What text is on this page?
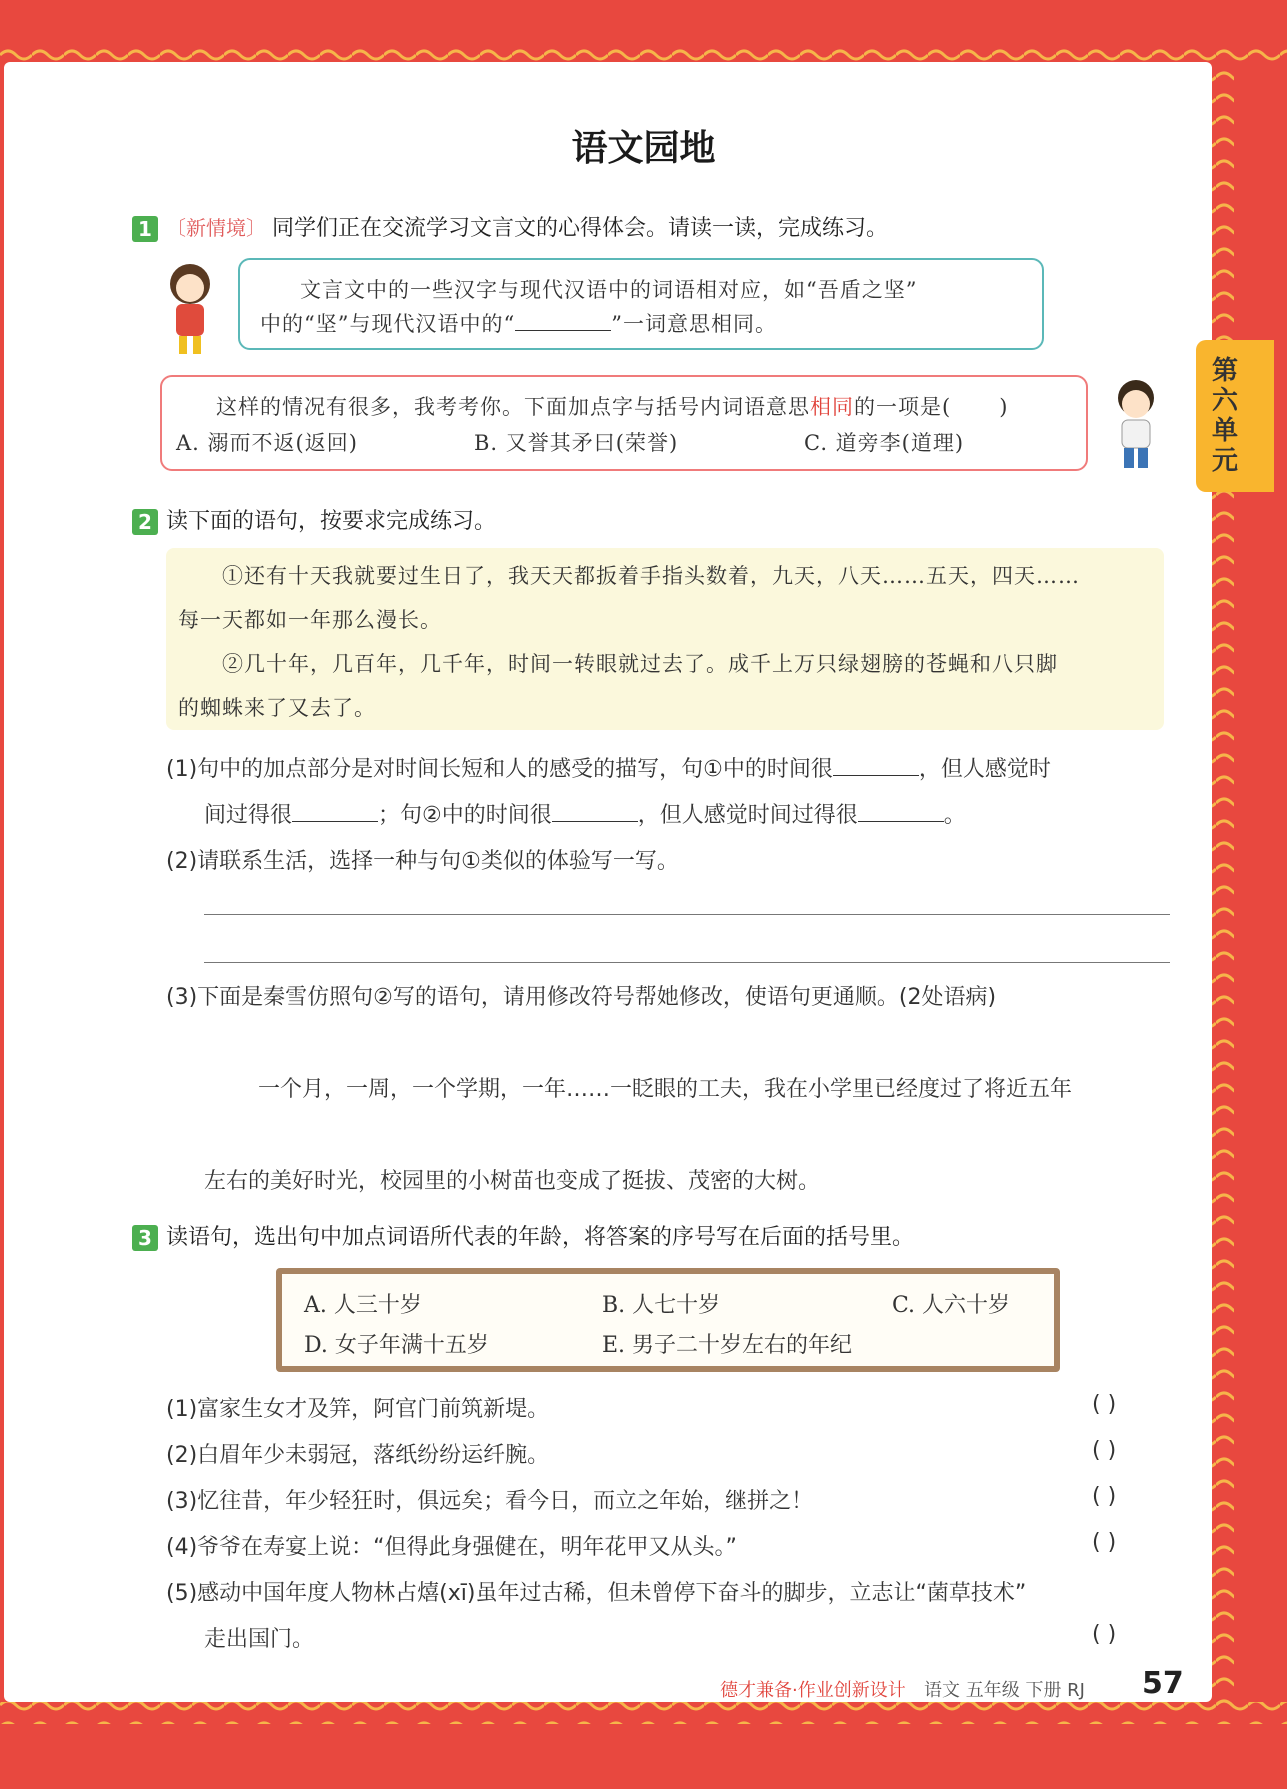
第六单元
语文园地
1 〔新情境〕 同学们正在交流学习文言文的心得体会。请读一读，完成练习。
文言文中的一些汉字与现代汉语中的词语相对应，如“吾盾之坚”
中的“坚”与现代汉语中的“	”一词意思相同。
这样的情况有很多，我考考你。下面加点字与括号内词语意思相同的一项是( )
A. 溺而不返(返回)	B. 又誉其矛曰(荣誉)	C. 道旁李(道理)
2 读下面的语句，按要求完成练习。
①还有十天我就要过生日了，我天天都扳着手指头数着，九天，八天……五天，四天……
每一天都如一年那么漫长。
②几十年，几百年，几千年，时间一转眼就过去了。成千上万只绿翅膀的苍蝇和八只脚
的蜘蛛来了又去了。
(1)句中的加点部分是对时间长短和人的感受的描写，句①中的时间很	，但人感觉时
间过得很	；句②中的时间很	，但人感觉时间过得很	。
(2)请联系生活，选择一种与句①类似的体验写一写。
(3)下面是秦雪仿照句②写的语句，请用修改符号帮她修改，使语句更通顺。(2处语病)
一个月，一周，一个学期，一年……一眨眼的工夫，我在小学里已经度过了将近五年
左右的美好时光，校园里的小树苗也变成了挺拔、茂密的大树。
3 读语句，选出句中加点词语所代表的年龄，将答案的序号写在后面的括号里。
A. 人三十岁	B. 人七十岁	C. 人六十岁
D. 女子年满十五岁	E. 男子二十岁左右的年纪
(1)富家生女才及笄，阿官门前筑新堤。	( )
(2)白眉年少未弱冠，落纸纷纷运纤腕。	( )
(3)忆往昔，年少轻狂时，俱远矣；看今日，而立之年始，继拼之！	( )
(4)爷爷在寿宴上说：“但得此身强健在，明年花甲又从头。”	( )
(5)感动中国年度人物林占熺(xī)虽年过古稀，但未曾停下奋斗的脚步，立志让“菌草技术”
走出国门。	( )
德才兼备·作业创新设计 语文 五年级 下册 RJ 57
